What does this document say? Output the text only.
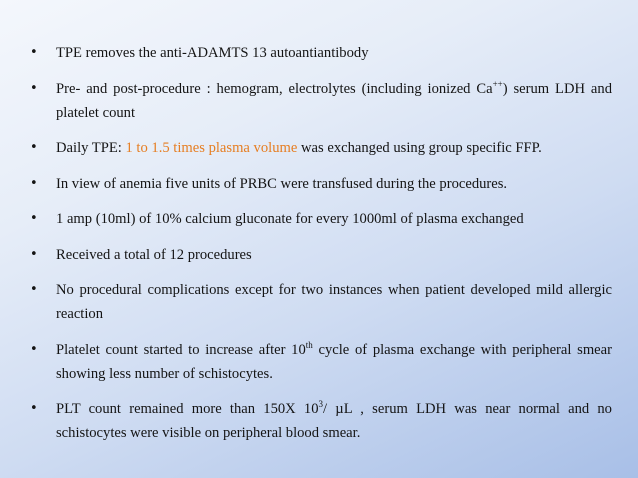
• TPE removes the anti-ADAMTS 13 autoantiantibody
• Pre- and post-procedure : hemogram, electrolytes (including ionized Ca++) serum LDH and platelet count
• Daily TPE: 1 to 1.5 times plasma volume was exchanged using group specific FFP.
• In view of anemia five units of PRBC were transfused during the procedures.
• 1 amp (10ml) of 10% calcium gluconate for every 1000ml of plasma exchanged
• Received a total of 12 procedures
• No procedural complications except for two instances when patient developed mild allergic reaction
• Platelet count started to increase after 10th cycle of plasma exchange with peripheral smear showing less number of schistocytes.
• PLT count remained more than 150X $10^3/$ µL , serum LDH was near normal and no schistocytes were visible on peripheral blood smear.
